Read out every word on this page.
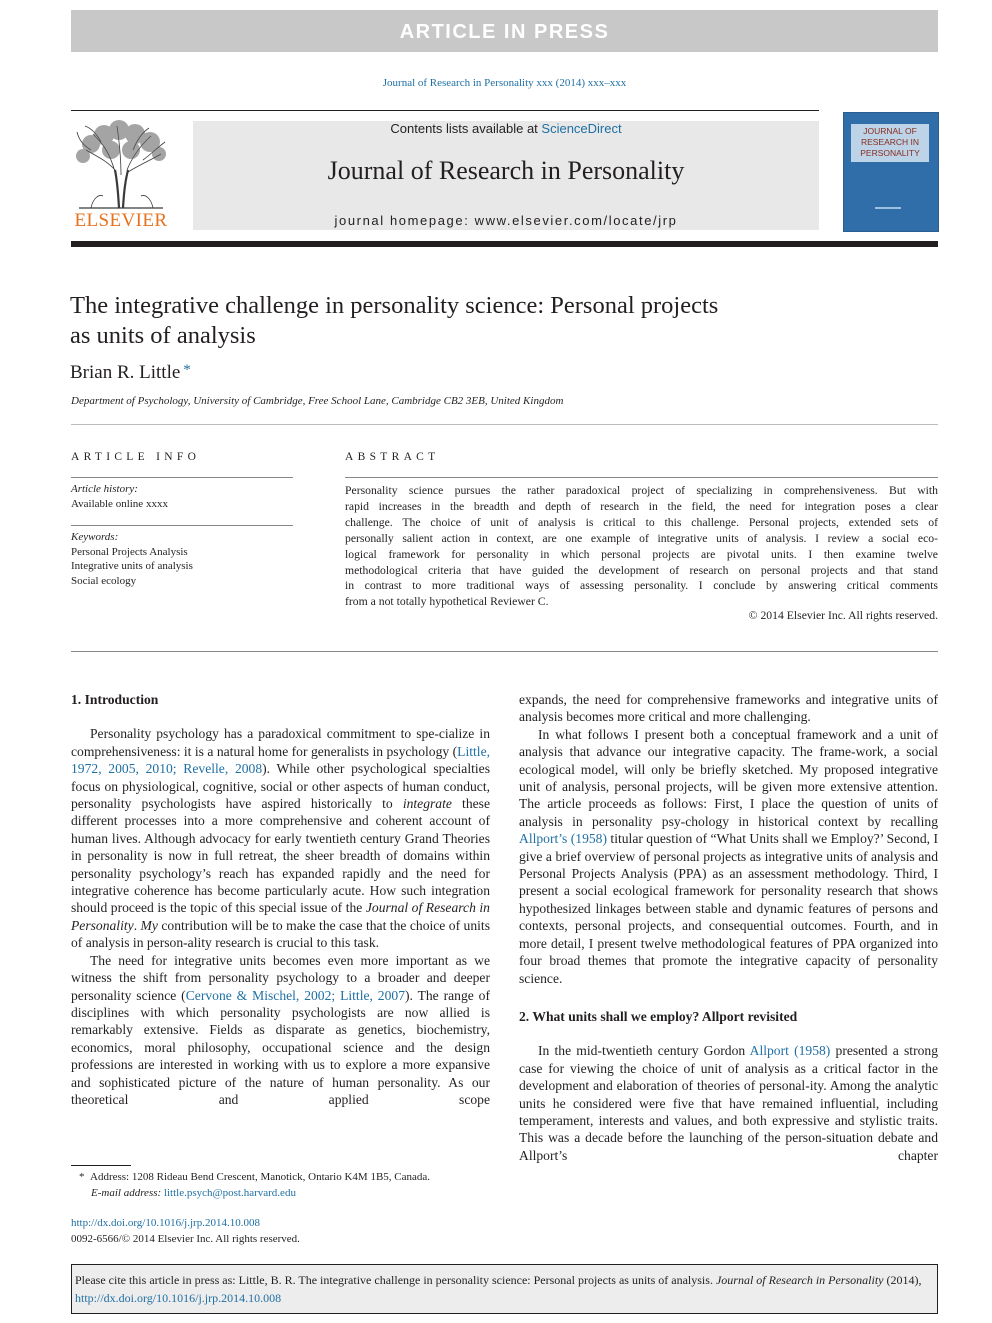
ARTICLE IN PRESS
Journal of Research in Personality xxx (2014) xxx–xxx
ELSEVIER
Contents lists available at ScienceDirect
Journal of Research in Personality
journal homepage: www.elsevier.com/locate/jrp
JOURNAL OF
RESEARCH IN
PERSONALITY
The integrative challenge in personality science: Personal projects
as units of analysis
Brian R. Little *
Department of Psychology, University of Cambridge, Free School Lane, Cambridge CB2 3EB, United Kingdom
ARTICLE INFO
Article history:
Available online xxxx
Keywords:
Personal Projects Analysis
Integrative units of analysis
Social ecology
ABSTRACT
Personality science pursues the rather paradoxical project of specializing in comprehensiveness. But with
rapid increases in the breadth and depth of research in the field, the need for integration poses a clear
challenge. The choice of unit of analysis is critical to this challenge. Personal projects, extended sets of
personally salient action in context, are one example of integrative units of analysis. I review a social eco-
logical framework for personality in which personal projects are pivotal units. I then examine twelve
methodological criteria that have guided the development of research on personal projects and that stand
in contrast to more traditional ways of assessing personality. I conclude by answering critical comments
from a not totally hypothetical Reviewer C.
© 2014 Elsevier Inc. All rights reserved.
1. Introduction

Personality psychology has a paradoxical commitment to spe-cialize in comprehensiveness: it is a natural home for generalists in psychology (Little, 1972, 2005, 2010; Revelle, 2008). While other psychological specialties focus on physiological, cognitive, social or other aspects of human conduct, personality psychologists have aspired historically to integrate these different processes into a more comprehensive and coherent account of human lives. Although advocacy for early twentieth century Grand Theories in personality is now in full retreat, the sheer breadth of domains within personality psychology’s reach has expanded rapidly and the need for integrative coherence has become particularly acute. How such integration should proceed is the topic of this special issue of the Journal of Research in Personality. My contribution will be to make the case that the choice of units of analysis in person-ality research is crucial to this task.

The need for integrative units becomes even more important as we witness the shift from personality psychology to a broader and deeper personality science (Cervone & Mischel, 2002; Little, 2007). The range of disciplines with which personality psychologists are now allied is remarkably extensive. Fields as disparate as genetics, biochemistry, economics, moral philosophy, occupational science and the design professions are interested in working with us to explore a more expansive and sophisticated picture of the nature of human personality. As our theoretical and applied scope

expands, the need for comprehensive frameworks and integrative units of analysis becomes more critical and more challenging.

In what follows I present both a conceptual framework and a unit of analysis that advance our integrative capacity. The frame-work, a social ecological model, will only be briefly sketched. My proposed integrative unit of analysis, personal projects, will be given more extensive attention. The article proceeds as follows: First, I place the question of units of analysis in personality psy-chology in historical context by recalling Allport’s (1958) titular question of “What Units shall we Employ?’ Second, I give a brief overview of personal projects as integrative units of analysis and Personal Projects Analysis (PPA) as an assessment methodology. Third, I present a social ecological framework for personality research that shows hypothesized linkages between stable and dynamic features of persons and contexts, personal projects, and consequential outcomes. Fourth, and in more detail, I present twelve methodological features of PPA organized into four broad themes that promote the integrative capacity of personality science.

2. What units shall we employ? Allport revisited

In the mid-twentieth century Gordon Allport (1958) presented a strong case for viewing the choice of unit of analysis as a critical factor in the development and elaboration of theories of personal-ity. Among the analytic units he considered were five that have remained influential, including temperament, interests and values, and both expressive and stylistic traits. This was a decade before the launching of the person-situation debate and Allport’s chapter

* Address: 1208 Rideau Bend Crescent, Manotick, Ontario K4M 1B5, Canada.
E-mail address: little.psych@post.harvard.edu
http://dx.doi.org/10.1016/j.jrp.2014.10.008
0092-6566/© 2014 Elsevier Inc. All rights reserved.
Please cite this article in press as: Little, B. R. The integrative challenge in personality science: Personal projects as units of analysis. Journal of Research in Personality (2014), http://dx.doi.org/10.1016/j.jrp.2014.10.008
